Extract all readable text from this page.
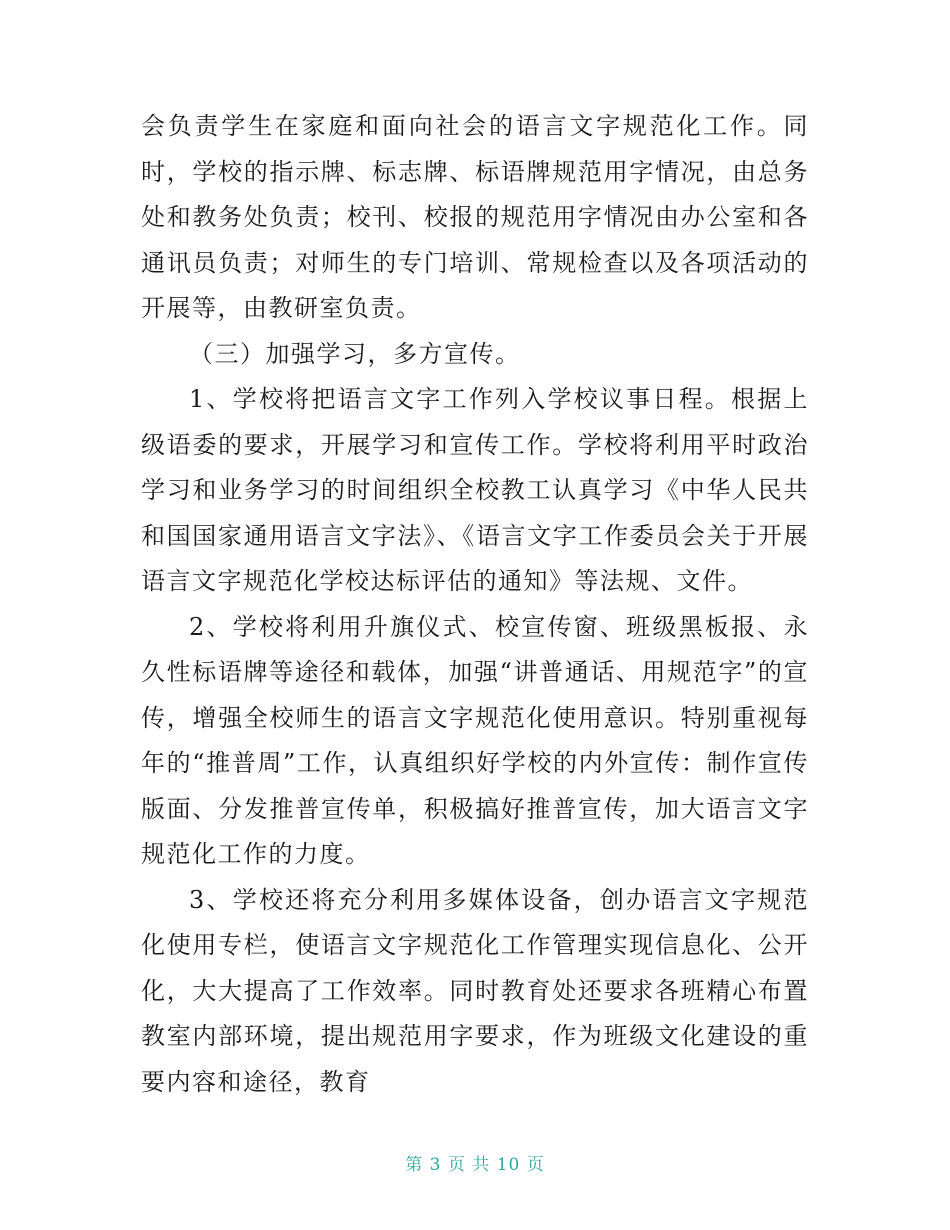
会负责学生在家庭和面向社会的语言文字规范化工作。同时，学校的指示牌、标志牌、标语牌规范用字情况，由总务处和教务处负责；校刊、校报的规范用字情况由办公室和各通讯员负责；对师生的专门培训、常规检查以及各项活动的开展等，由教研室负责。

（三）加强学习，多方宣传。

1、学校将把语言文字工作列入学校议事日程。根据上级语委的要求，开展学习和宣传工作。学校将利用平时政治学习和业务学习的时间组织全校教工认真学习《中华人民共和国国家通用语言文字法》、《语言文字工作委员会关于开展语言文字规范化学校达标评估的通知》等法规、文件。

2、学校将利用升旗仪式、校宣传窗、班级黑板报、永久性标语牌等途径和载体，加强“讲普通话、用规范字”的宣传，增强全校师生的语言文字规范化使用意识。特别重视每年的“推普周”工作，认真组织好学校的内外宣传：制作宣传版面、分发推普宣传单，积极搞好推普宣传，加大语言文字规范化工作的力度。

3、学校还将充分利用多媒体设备，创办语言文字规范化使用专栏，使语言文字规范化工作管理实现信息化、公开化，大大提高了工作效率。同时教育处还要求各班精心布置教室内部环境，提出规范用字要求，作为班级文化建设的重要内容和途径，教育

第 3 页 共 10 页
